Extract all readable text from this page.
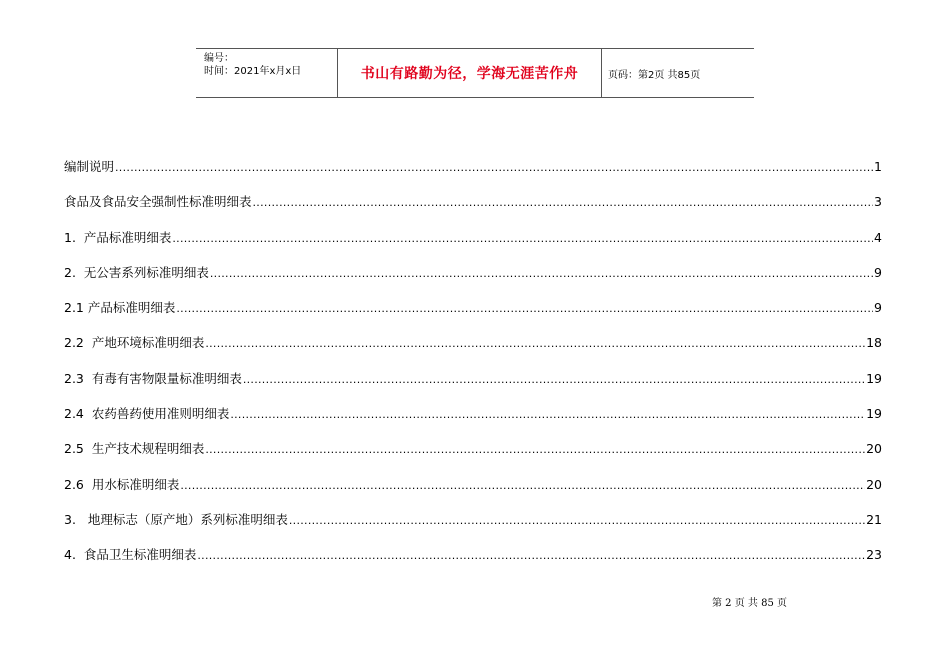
编号：
时间：2021年x月x日	书山有路勤为径，学海无涯苦作舟	页码：第2页 共85页
编制说明 .....	1
食品及食品安全强制性标准明细表 .....	3
1.  产品标准明细表 .....	4
2.  无公害系列标准明细表 .....	9
2.1 产品标准明细表 .....	9
2.2  产地环境标准明细表 .....	18
2.3  有毒有害物限量标准明细表 .....	19
2.4  农药兽药使用准则明细表 .....	19
2.5  生产技术规程明细表 .....	20
2.6  用水标准明细表 .....	20
3.   地理标志（原产地）系列标准明细表 .....	21
4.  食品卫生标准明细表 .....	23
第 2 页 共 85 页
